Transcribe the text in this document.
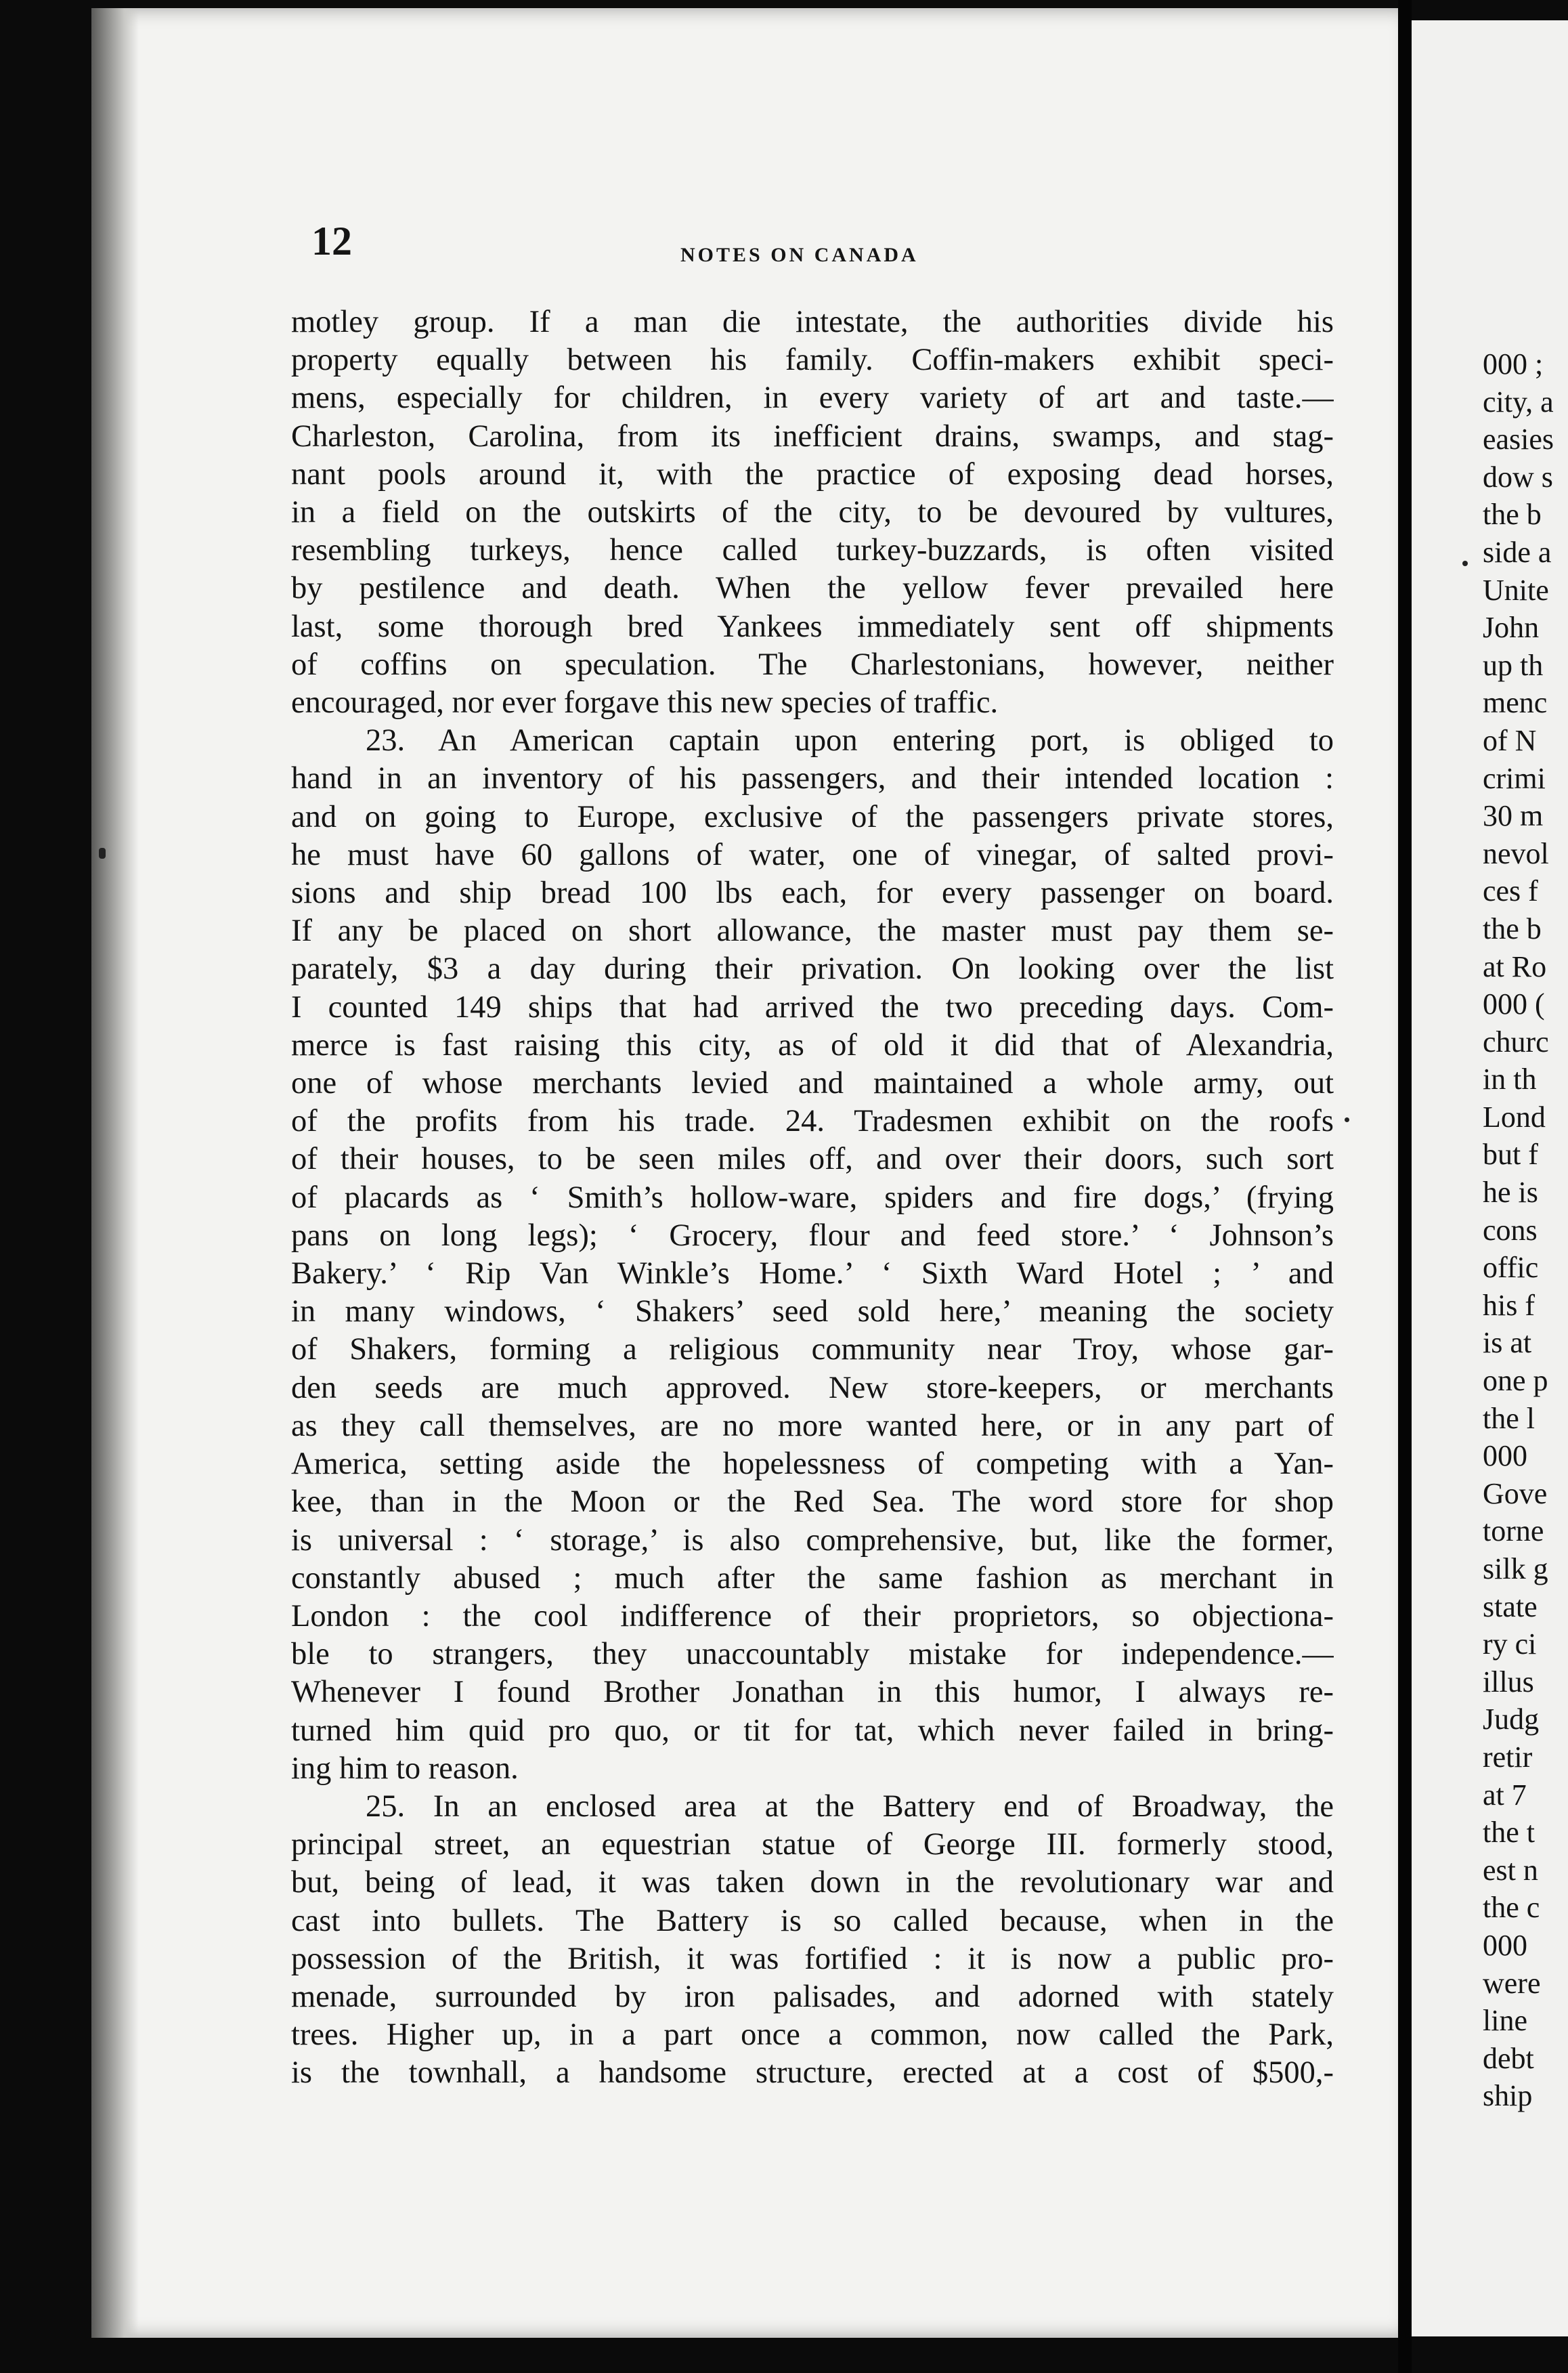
12	NOTES ON CANADA
motley group. If a man die intestate, the authorities divide his
property equally between his family. Coffin-makers exhibit speci-
mens, especially for children, in every variety of art and taste.—
Charleston, Carolina, from its inefficient drains, swamps, and stag-
nant pools around it, with the practice of exposing dead horses,
in a field on the outskirts of the city, to be devoured by vultures,
resembling turkeys, hence called turkey-buzzards, is often visited
by pestilence and death. When the yellow fever prevailed here
last, some thorough bred Yankees immediately sent off shipments
of coffins on speculation. The Charlestonians, however, neither
encouraged, nor ever forgave this new species of traffic.
23. An American captain upon entering port, is obliged to
hand in an inventory of his passengers, and their intended location :
and on going to Europe, exclusive of the passengers private stores,
he must have 60 gallons of water, one of vinegar, of salted provi-
sions and ship bread 100 lbs each, for every passenger on board.
If any be placed on short allowance, the master must pay them se-
parately, $3 a day during their privation. On looking over the list
I counted 149 ships that had arrived the two preceding days. Com-
merce is fast raising this city, as of old it did that of Alexandria,
one of whose merchants levied and maintained a whole army, out
of the profits from his trade. 24. Tradesmen exhibit on the roofs
of their houses, to be seen miles off, and over their doors, such sort
of placards as ‘ Smith’s hollow-ware, spiders and fire dogs,’ (frying
pans on long legs); ‘ Grocery, flour and feed store.’ ‘ Johnson’s
Bakery.’ ‘ Rip Van Winkle’s Home.’ ‘ Sixth Ward Hotel ; ’ and
in many windows, ‘ Shakers’ seed sold here,’ meaning the society
of Shakers, forming a religious community near Troy, whose gar-
den seeds are much approved. New store-keepers, or merchants
as they call themselves, are no more wanted here, or in any part of
America, setting aside the hopelessness of competing with a Yan-
kee, than in the Moon or the Red Sea. The word store for shop
is universal : ‘ storage,’ is also comprehensive, but, like the former,
constantly abused ; much after the same fashion as merchant in
London : the cool indifference of their proprietors, so objectiona-
ble to strangers, they unaccountably mistake for independence.—
Whenever I found Brother Jonathan in this humor, I always re-
turned him quid pro quo, or tit for tat, which never failed in bring-
ing him to reason.
25. In an enclosed area at the Battery end of Broadway, the
principal street, an equestrian statue of George III. formerly stood,
but, being of lead, it was taken down in the revolutionary war and
cast into bullets. The Battery is so called because, when in the
possession of the British, it was fortified : it is now a public pro-
menade, surrounded by iron palisades, and adorned with stately
trees. Higher up, in a part once a common, now called the Park,
is the townhall, a handsome structure, erected at a cost of $500,-
000 ;
city, a
easies
dow s
the b
side a
Unite
John
up th
menc
of N
crimi
30 m
nevol
ces f
the b
at Ro
000 (
churc
in th
Lond
but f
he is
cons
offic
his f
is at
one p
the l
000
Gove
torne
silk g
state
ry ci
illus
Judg
retir
at 7
the t
est n
the c
000
were
line
debt
ship
